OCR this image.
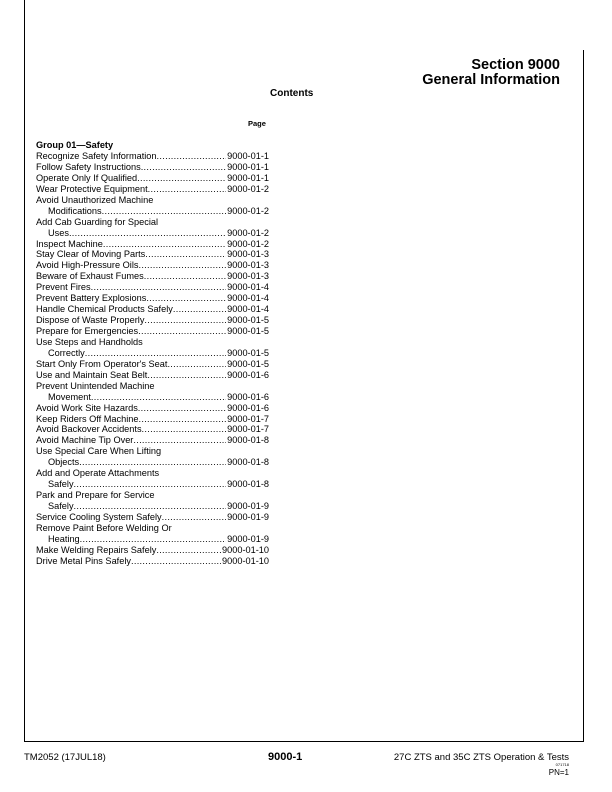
Section 9000
General Information
Contents
Page
Group 01—Safety
Recognize Safety Information .....	9000-01-1
Follow Safety Instructions .....	9000-01-1
Operate Only If Qualified .....	9000-01-1
Wear Protective Equipment .....	9000-01-2
Avoid Unauthorized Machine
Modifications .....	9000-01-2
Add Cab Guarding for Special
Uses .....	9000-01-2
Inspect Machine .....	9000-01-2
Stay Clear of Moving Parts .....	9000-01-3
Avoid High-Pressure Oils .....	9000-01-3
Beware of Exhaust Fumes .....	9000-01-3
Prevent Fires .....	9000-01-4
Prevent Battery Explosions .....	9000-01-4
Handle Chemical Products Safely .....	9000-01-4
Dispose of Waste Properly .....	9000-01-5
Prepare for Emergencies .....	9000-01-5
Use Steps and Handholds
Correctly .....	9000-01-5
Start Only From Operator's Seat .....	9000-01-5
Use and Maintain Seat Belt .....	9000-01-6
Prevent Unintended Machine
Movement .....	9000-01-6
Avoid Work Site Hazards .....	9000-01-6
Keep Riders Off Machine .....	9000-01-7
Avoid Backover Accidents .....	9000-01-7
Avoid Machine Tip Over .....	9000-01-8
Use Special Care When Lifting
Objects .....	9000-01-8
Add and Operate Attachments
Safely .....	9000-01-8
Park and Prepare for Service
Safely .....	9000-01-9
Service Cooling System Safely .....	9000-01-9
Remove Paint Before Welding Or
Heating .....	9000-01-9
Make Welding Repairs Safely .....	9000-01-10
Drive Metal Pins Safely .....	9000-01-10
TM2052 (17JUL18)	9000-1	27C ZTS and 35C ZTS Operation & Tests
071718
PN=1
